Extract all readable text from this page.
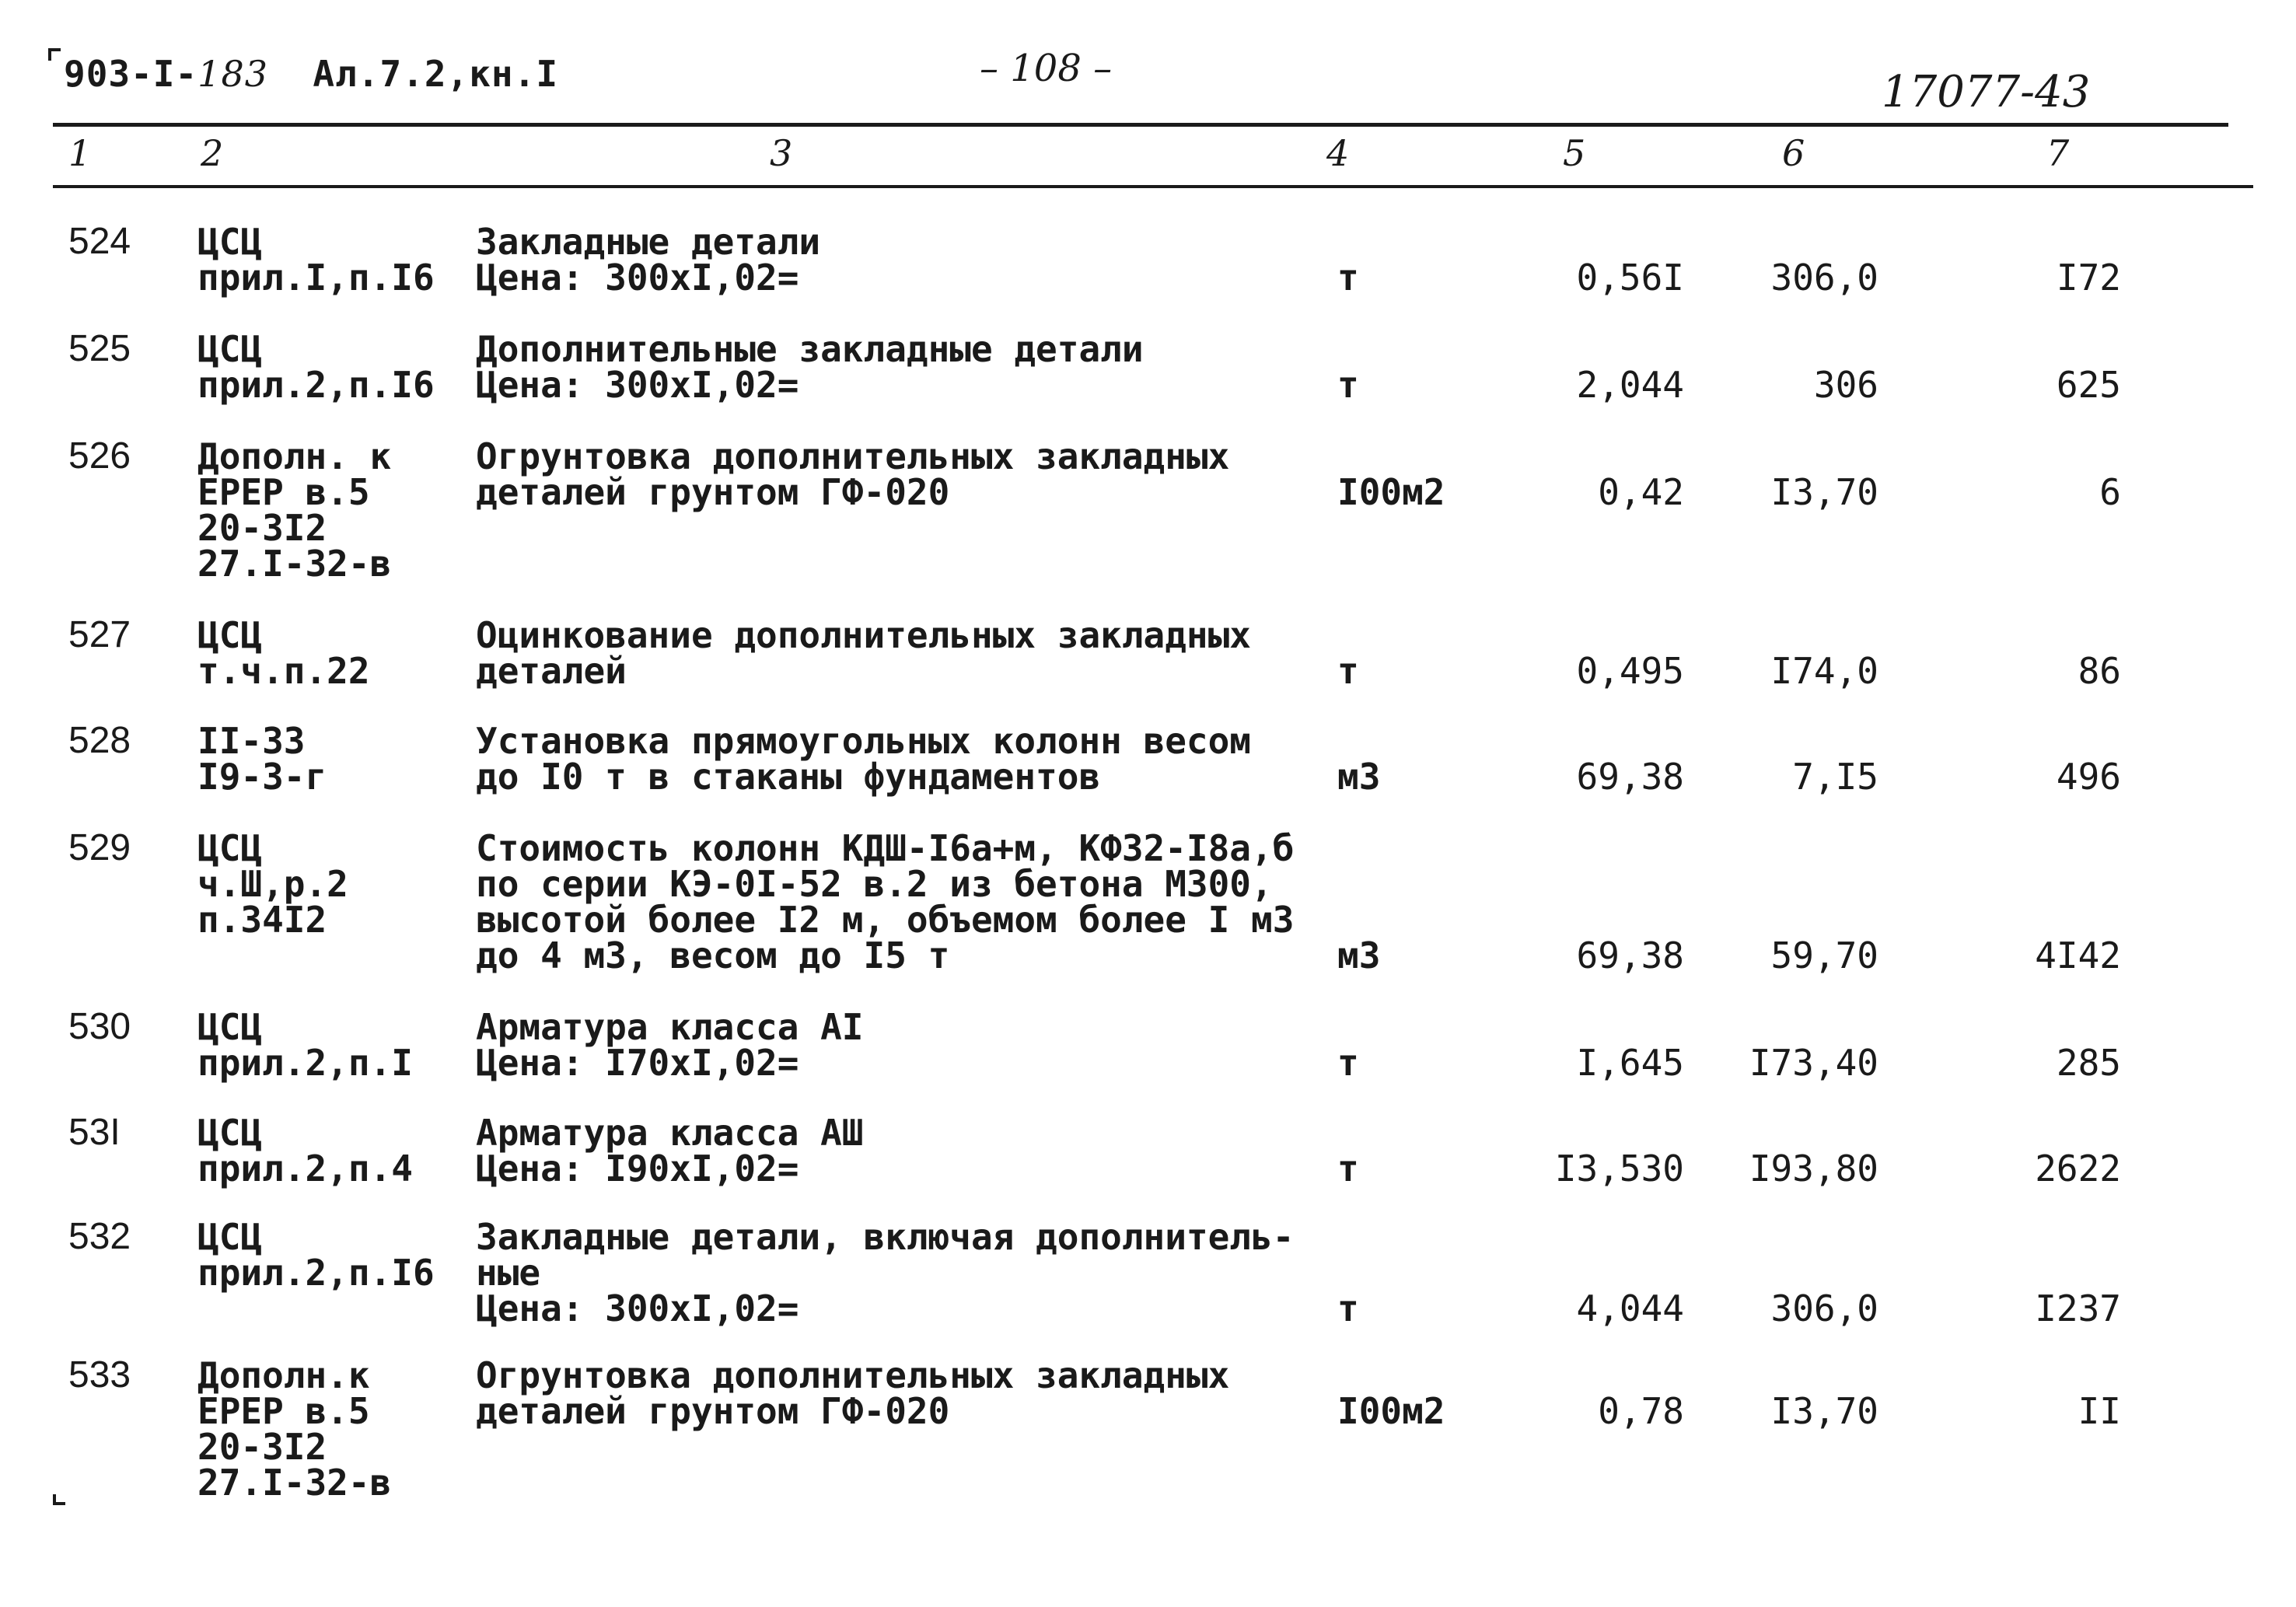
903-I-183 Ал.7.2,кн.I	– 108 –	17077-43
1	2	3	4	5	6	7
524 ЦСЦ
прил.I,п.I6
Закладные детали
Цена: 300хI,02=	т	0,56I 306,0	I72
525 ЦСЦ
прил.2,п.I6
Дополнительные закладные детали
Цена: 300хI,02=	т	2,044	306	625
526 Дополн. к
ЕРЕР в.5
20-3I2
27.I-32-в
Огрунтовка дополнительных закладных
деталей грунтом ГФ-020	I00м2	0,42 I3,70	6
527 ЦСЦ
т.ч.п.22
Оцинкование дополнительных закладных
деталей	т	0,495 I74,0	86
528 II-33
I9-3-г
Установка прямоугольных колонн весом
до I0 т в стаканы фундаментов	м3	69,38	7,I5	496
529 ЦСЦ
ч.Ш,р.2
п.34I2
Стоимость колонн КДШ-I6а+м, КФ32-I8а,б
по серии КЭ-0I-52 в.2 из бетона М300,
высотой более I2 м, объемом более I м3
до 4 м3, весом до I5 т	м3	69,38 59,70	4I42
530 ЦСЦ
прил.2,п.I
Арматура класса АI
Цена: I70хI,02=	т	I,645 I73,40	285
53I ЦСЦ
прил.2,п.4
Арматура класса АШ
Цена: I90хI,02=	т	I3,530 I93,80	2622
532 ЦСЦ
прил.2,п.I6
Закладные детали, включая дополнитель-
ные
Цена: 300хI,02=	т	4,044 306,0	I237
533 Дополн.к
ЕРЕР в.5
20-3I2
27.I-32-в
Огрунтовка дополнительных закладных
деталей грунтом ГФ-020	I00м2	0,78 I3,70	II
